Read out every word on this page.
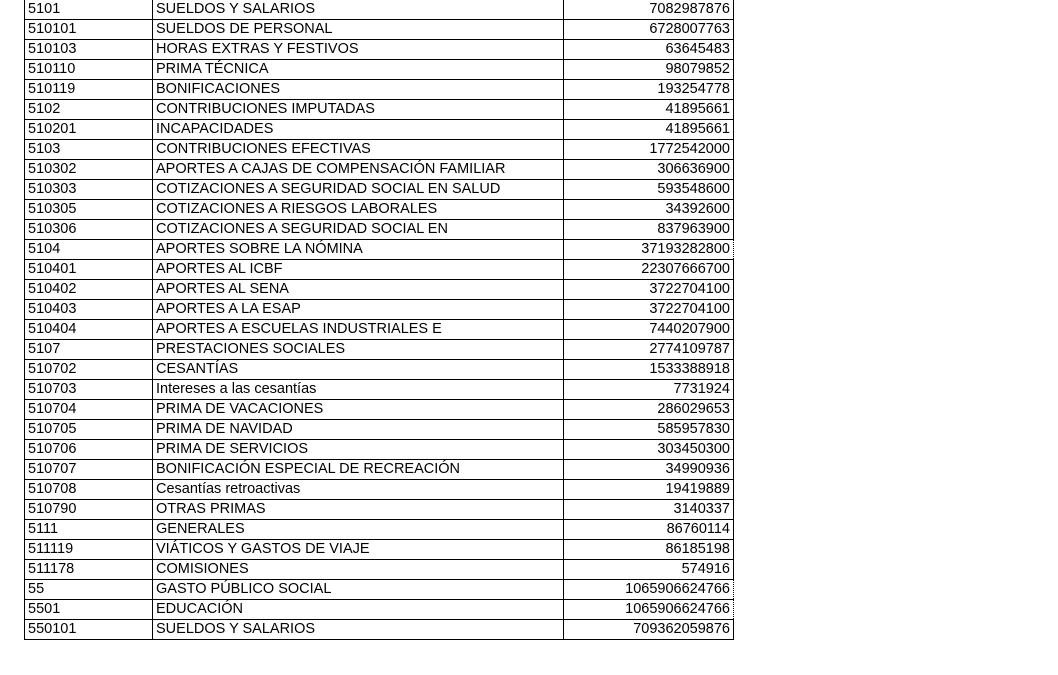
5101	SUELDOS Y SALARIOS	7082987876
510101	SUELDOS DE PERSONAL	6728007763
510103	HORAS EXTRAS Y FESTIVOS	63645483
510110	PRIMA TÉCNICA	98079852
510119	BONIFICACIONES	193254778
5102	CONTRIBUCIONES IMPUTADAS	41895661
510201	INCAPACIDADES	41895661
5103	CONTRIBUCIONES EFECTIVAS	1772542000
510302	APORTES A CAJAS DE COMPENSACIÓN FAMILIAR	306636900
510303	COTIZACIONES A SEGURIDAD SOCIAL EN SALUD	593548600
510305	COTIZACIONES A RIESGOS LABORALES	34392600
510306	COTIZACIONES A SEGURIDAD SOCIAL EN	837963900
5104	APORTES SOBRE LA NÓMINA	37193282800
510401	APORTES AL ICBF	22307666700
510402	APORTES AL SENA	3722704100
510403	APORTES A LA ESAP	3722704100
510404	APORTES A ESCUELAS INDUSTRIALES E	7440207900
5107	PRESTACIONES SOCIALES	2774109787
510702	CESANTÍAS	1533388918
510703	Intereses a las cesantías	7731924
510704	PRIMA DE VACACIONES	286029653
510705	PRIMA DE NAVIDAD	585957830
510706	PRIMA DE SERVICIOS	303450300
510707	BONIFICACIÓN ESPECIAL DE RECREACIÓN	34990936
510708	Cesantías retroactivas	19419889
510790	OTRAS PRIMAS	3140337
5111	GENERALES	86760114
511119	VIÁTICOS Y GASTOS DE VIAJE	86185198
511178	COMISIONES	574916
55	GASTO PÚBLICO SOCIAL	1065906624766
5501	EDUCACIÓN	1065906624766
550101	SUELDOS Y SALARIOS	709362059876
